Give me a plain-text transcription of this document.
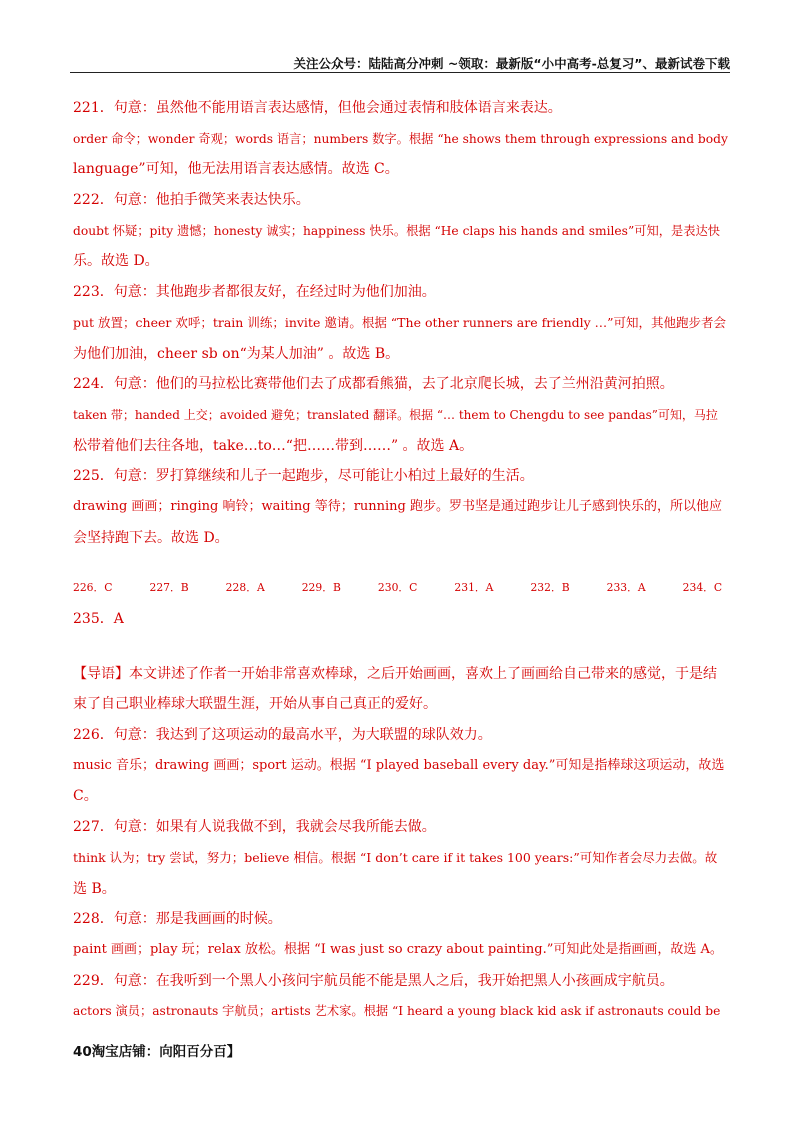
关注公众号：陆陆高分冲刺 ~领取：最新版“小中高考-总复习”、最新试卷下载
221．句意：虽然他不能用语言表达感情，但他会通过表情和肢体语言来表达。
order 命令；wonder 奇观；words 语言；numbers 数字。根据 “he shows them through expressions and body
language”可知，他无法用语言表达感情。故选 C。
222．句意：他拍手微笑来表达快乐。
doubt 怀疑；pity 遗憾；honesty 诚实；happiness 快乐。根据 “He claps his hands and smiles”可知，是表达快
乐。故选 D。
223．句意：其他跑步者都很友好，在经过时为他们加油。
put 放置；cheer 欢呼；train 训练；invite 邀请。根据 “The other runners are friendly …”可知，其他跑步者会
为他们加油，cheer sb on“为某人加油” 。故选 B。
224．句意：他们的马拉松比赛带他们去了成都看熊猫，去了北京爬长城，去了兰州沿黄河拍照。
taken 带；handed 上交；avoided 避免；translated 翻译。根据 “… them to Chengdu to see pandas”可知，马拉
松带着他们去往各地，take…to…“把……带到……” 。故选 A。
225．句意：罗打算继续和儿子一起跑步，尽可能让小柏过上最好的生活。
drawing 画画；ringing 响铃；waiting 等待；running 跑步。罗书坚是通过跑步让儿子感到快乐的，所以他应
会坚持跑下去。故选 D。
226．C	227．B	228．A	229．B	230．C	231．A	232．B	233．A	234．C
235．A
【导语】本文讲述了作者一开始非常喜欢棒球，之后开始画画，喜欢上了画画给自己带来的感觉，于是结
束了自己职业棒球大联盟生涯，开始从事自己真正的爱好。
226．句意：我达到了这项运动的最高水平，为大联盟的球队效力。
music 音乐；drawing 画画；sport 运动。根据 “I played baseball every day.”可知是指棒球这项运动，故选
C。
227．句意：如果有人说我做不到，我就会尽我所能去做。
think 认为；try 尝试，努力；believe 相信。根据 “I don’t care if it takes 100 years:”可知作者会尽力去做。故
选 B。
228．句意：那是我画画的时候。
paint 画画；play 玩；relax 放松。根据 “I was just so crazy about painting.”可知此处是指画画，故选 A。
229．句意：在我听到一个黑人小孩问宇航员能不能是黑人之后，我开始把黑人小孩画成宇航员。
actors 演员；astronauts 宇航员；artists 艺术家。根据 “I heard a young black kid ask if astronauts could be
40淘宝店铺：向阳百分百】
